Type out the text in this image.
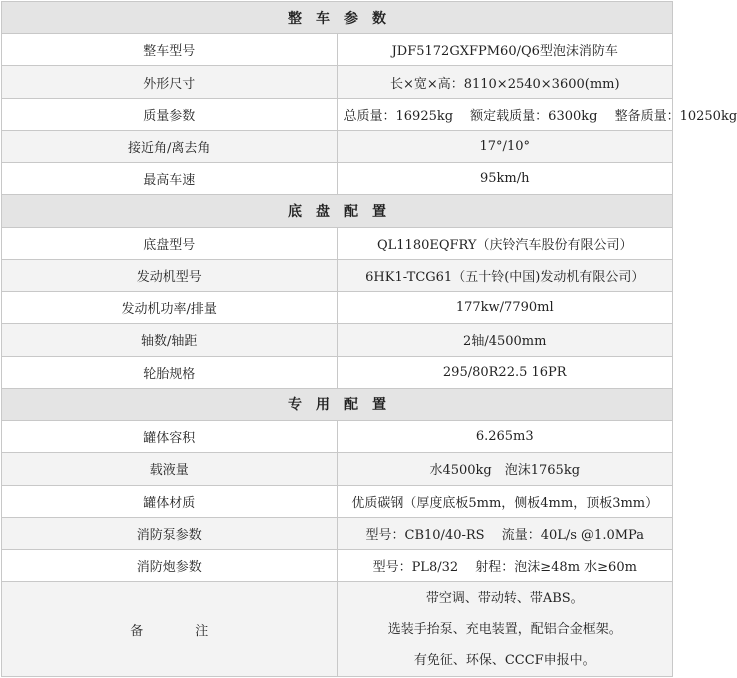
整　车　参　数	
整车型号	JDF5172GXFPM60/Q6型泡沫消防车
外形尺寸	长×宽×高：8110×2540×3600(mm)
质量参数	总质量：16925kg　 额定载质量：6300kg　 整备质量：10250kg
接近角/离去角	17°/10°
最高车速	95km/h
底　盘　配　置	
底盘型号	QL1180EQFRY（庆铃汽车股份有限公司）
发动机型号	6HK1-TCG61（五十铃(中国)发动机有限公司）
发动机功率/排量	177kw/7790ml
轴数/轴距	2轴/4500mm
轮胎规格	295/80R22.5 16PR
专　用　配　置	
罐体容积	6.265m3
载液量	水4500kg　泡沫1765kg
罐体材质	优质碳钢（厚度底板5mm，侧板4mm，顶板3mm）
消防泵参数	型号：CB10/40-RS　 流量：40L/s @1.0MPa
消防炮参数	型号：PL8/32　 射程：泡沫≥48m 水≥60m
备　　　　注	带空调、带动转、带ABS。
选装手抬泵、充电装置，配铝合金框架。
有免征、环保、CCCF申报中。
